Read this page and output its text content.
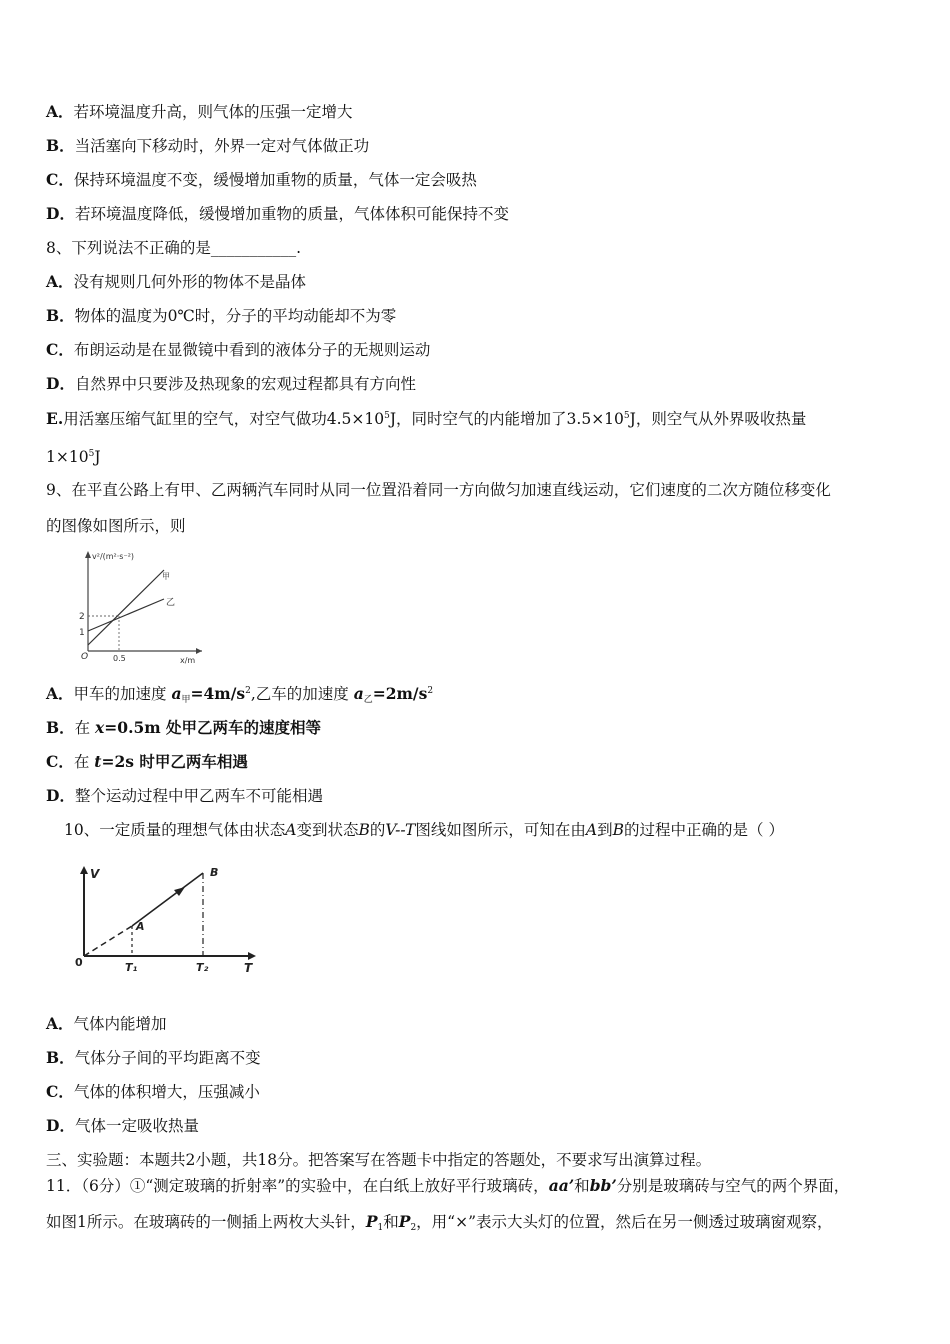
A．若环境温度升高，则气体的压强一定增大
B．当活塞向下移动时，外界一定对气体做正功
C．保持环境温度不变，缓慢增加重物的质量，气体一定会吸热
D．若环境温度降低，缓慢增加重物的质量，气体体积可能保持不变
8、下列说法不正确的是___________.
A．没有规则几何外形的物体不是晶体
B．物体的温度为0℃时，分子的平均动能却不为零
C．布朗运动是在显微镜中看到的液体分子的无规则运动
D．自然界中只要涉及热现象的宏观过程都具有方向性
E.用活塞压缩气缸里的空气，对空气做功$4.5\times 10^5J$，同时空气的内能增加了$3.5\times 10^5J$，则空气从外界吸收热量
$1\times 10^5J$
9、在平直公路上有甲、乙两辆汽车同时从同一位置沿着同一方向做匀加速直线运动，它们速度的二次方随位移变化
的图像如图所示，则
v²/(m²·s⁻²)
x/m
甲
乙
2
1
O	0.5
A．甲车的加速度 $a_甲=4m/s^2$,乙车的加速度 $a_乙=2m/s^2$
B．在 x=0.5m 处甲乙两车的速度相等
C．在 t=2s 时甲乙两车相遇
D．整个运动过程中甲乙两车不可能相遇
10、一定质量的理想气体由状态A变到状态B的V--T图线如图所示，可知在由A到B的过程中正确的是（ ）
V
T
A
B
0	T₁	T₂
A．气体内能增加
B．气体分子间的平均距离不变
C．气体的体积增大，压强减小
D．气体一定吸收热量
三、实验题：本题共2小题，共18分。把答案写在答题卡中指定的答题处，不要求写出演算过程。
11．（6分）①“测定玻璃的折射率”的实验中，在白纸上放好平行玻璃砖，aa’和bb’分别是玻璃砖与空气的两个界面，
如图1所示。在玻璃砖的一侧插上两枚大头针，$P_1$和$P_2$，用“×”表示大头灯的位置，然后在另一侧透过玻璃窗观察，
